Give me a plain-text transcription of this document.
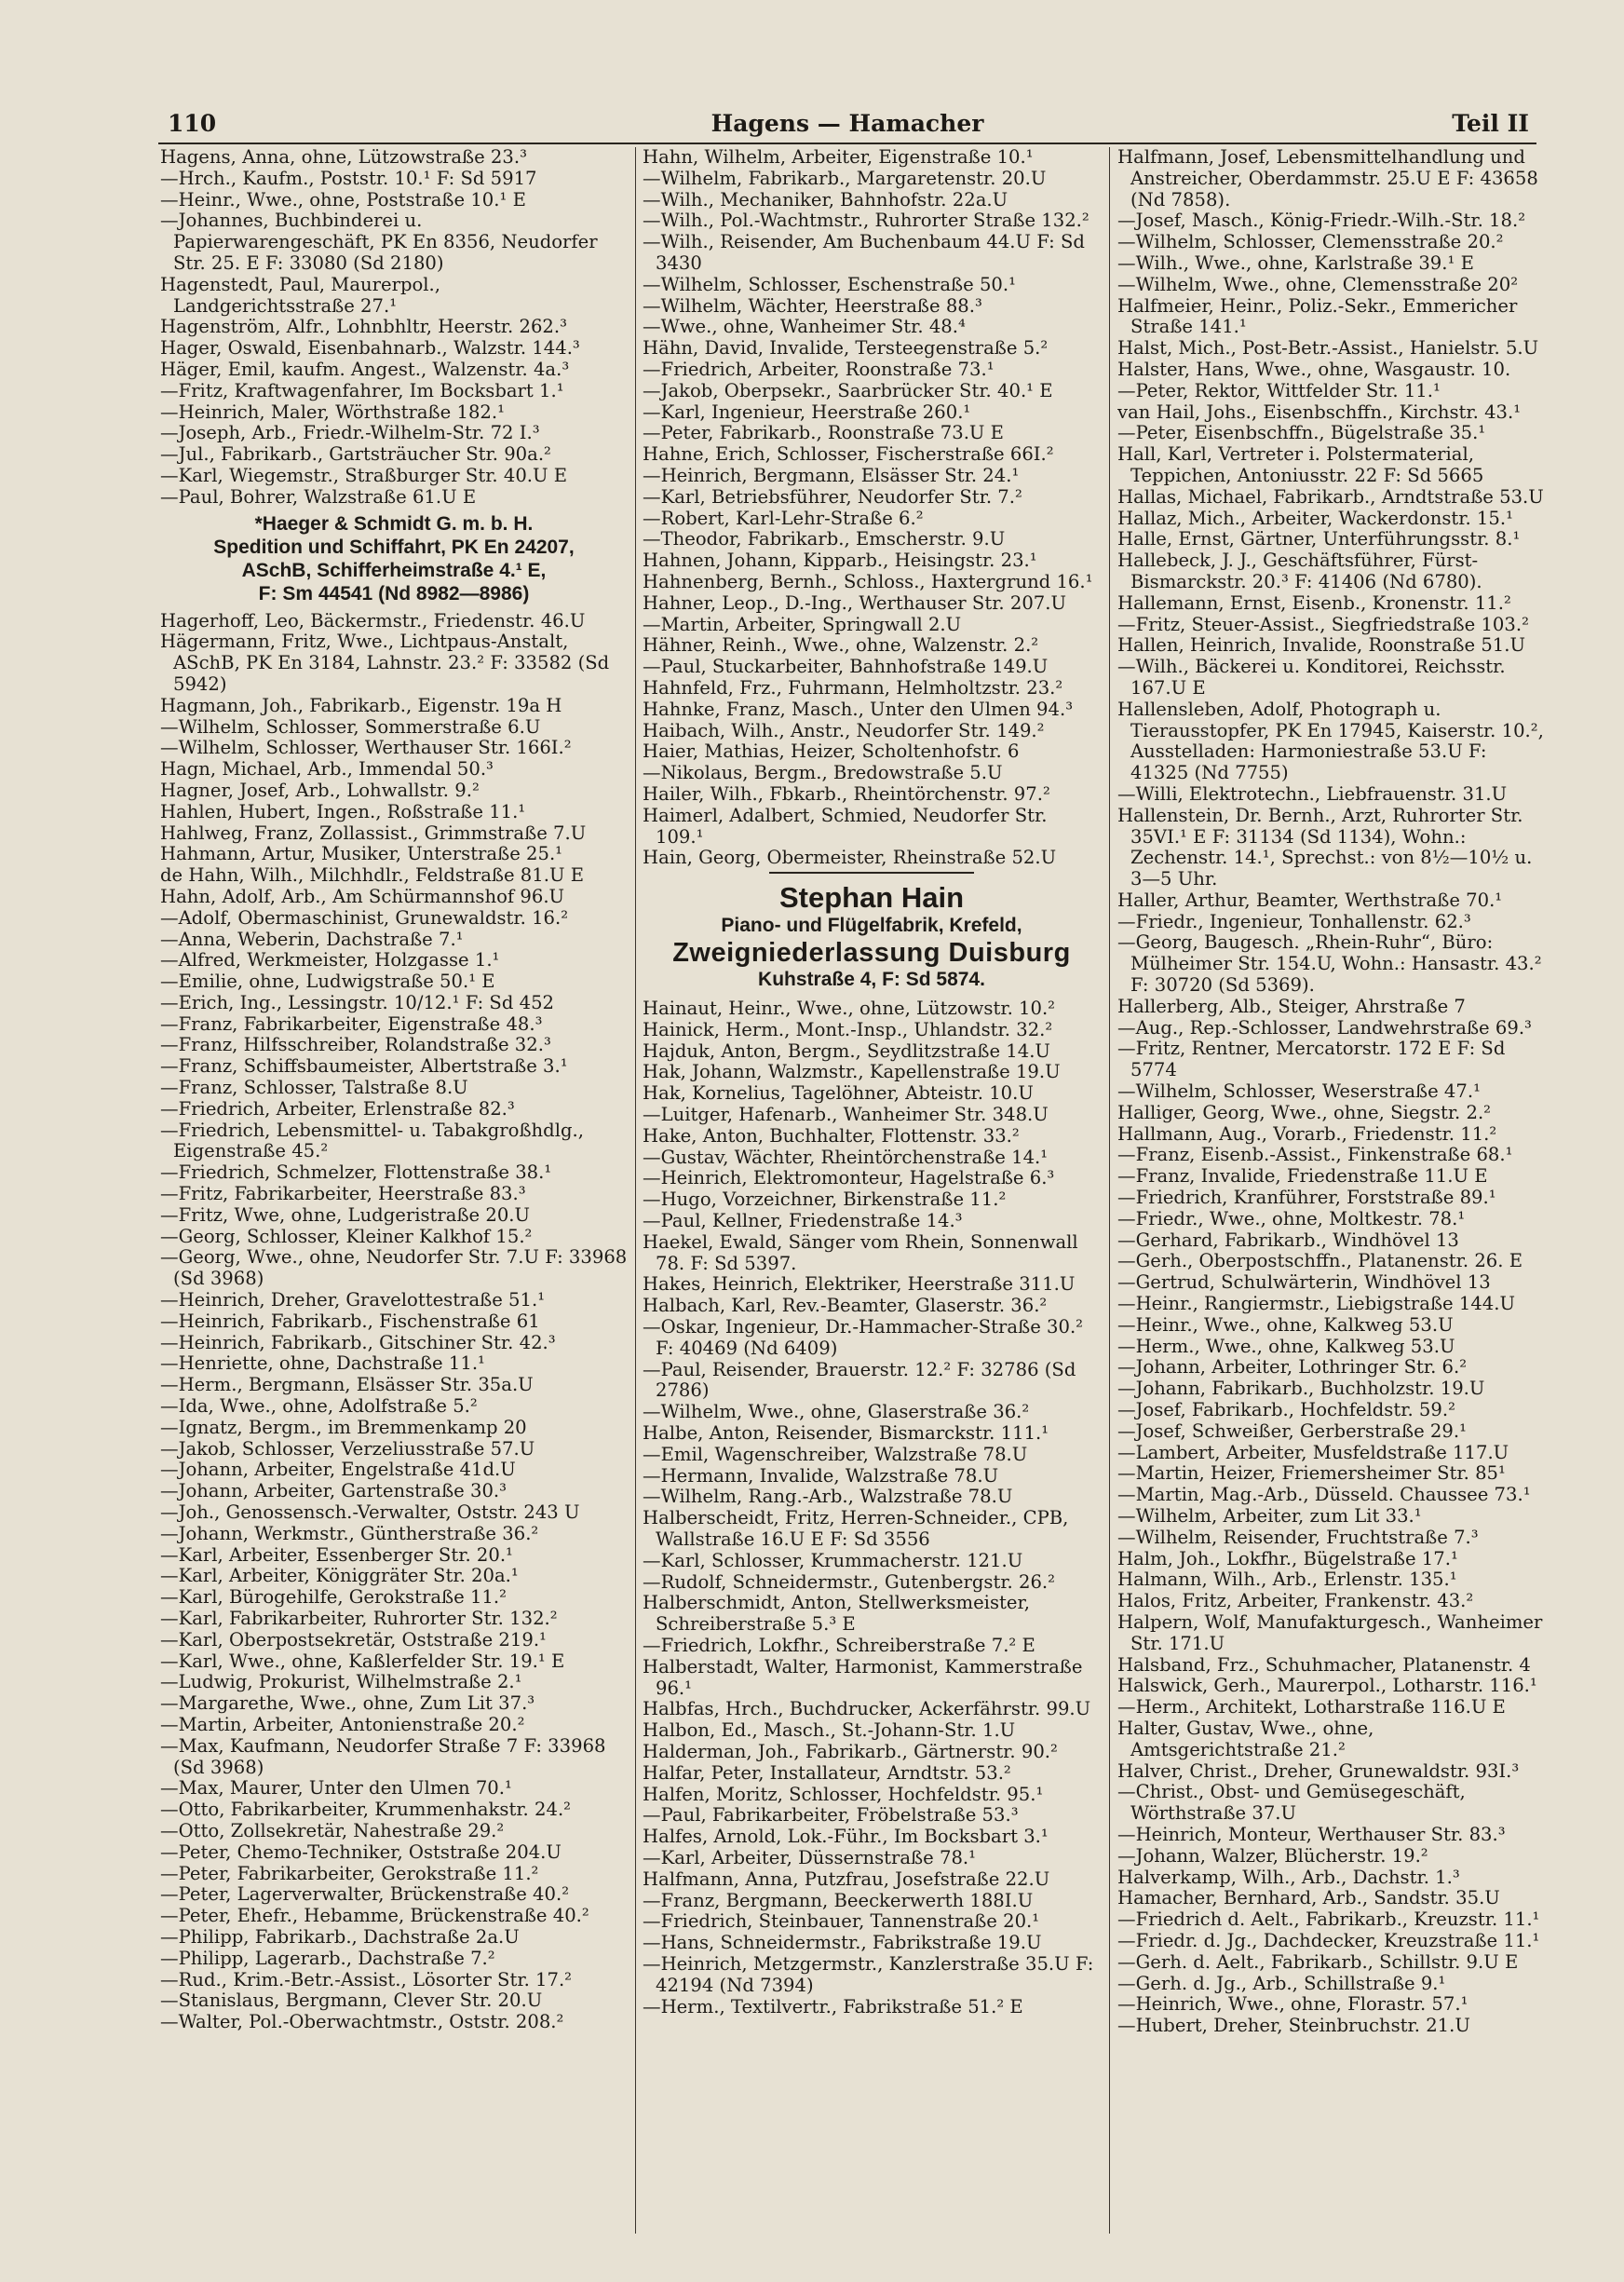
110	Hagens — Hamacher	Teil II

Hagens, Anna, ohne, Lützowstraße 23.³

—Hrch., Kaufm., Poststr. 10.¹ F: Sd 5917

—Heinr., Wwe., ohne, Poststraße 10.¹ E

—Johannes, Buchbinderei u. Papierwarengeschäft, PK En 8356, Neudorfer Str. 25. E F: 33080 (Sd 2180)

Hagenstedt, Paul, Maurerpol., Landgerichtsstraße 27.¹

Hagenström, Alfr., Lohnbhltr, Heerstr. 262.³

Hager, Oswald, Eisenbahnarb., Walzstr. 144.³

Häger, Emil, kaufm. Angest., Walzenstr. 4a.³

—Fritz, Kraftwagenfahrer, Im Bocksbart 1.¹

—Heinrich, Maler, Wörthstraße 182.¹

—Joseph, Arb., Friedr.-Wilhelm-Str. 72 I.³

—Jul., Fabrikarb., Gartsträucher Str. 90a.²

—Karl, Wiegemstr., Straßburger Str. 40.U E

—Paul, Bohrer, Walzstraße 61.U E

*Haeger & Schmidt G. m. b. H.
Spedition und Schiffahrt, PK En 24207,
ASchB, Schifferheimstraße 4.¹ E,
F: Sm 44541 (Nd 8982—8986)

Hagerhoff, Leo, Bäckermstr., Friedenstr. 46.U

Hägermann, Fritz, Wwe., Lichtpaus-Anstalt, ASchB, PK En 3184, Lahnstr. 23.² F: 33582 (Sd 5942)

Hagmann, Joh., Fabrikarb., Eigenstr. 19a H

—Wilhelm, Schlosser, Sommerstraße 6.U

—Wilhelm, Schlosser, Werthauser Str. 166I.²

Hagn, Michael, Arb., Immendal 50.³

Hagner, Josef, Arb., Lohwallstr. 9.²

Hahlen, Hubert, Ingen., Roßstraße 11.¹

Hahlweg, Franz, Zollassist., Grimmstraße 7.U

Hahmann, Artur, Musiker, Unterstraße 25.¹

de Hahn, Wilh., Milchhdlr., Feldstraße 81.U E

Hahn, Adolf, Arb., Am Schürmannshof 96.U

—Adolf, Obermaschinist, Grunewaldstr. 16.²

—Anna, Weberin, Dachstraße 7.¹

—Alfred, Werkmeister, Holzgasse 1.¹

—Emilie, ohne, Ludwigstraße 50.¹ E

—Erich, Ing., Lessingstr. 10/12.¹ F: Sd 452

—Franz, Fabrikarbeiter, Eigenstraße 48.³

—Franz, Hilfsschreiber, Rolandstraße 32.³

—Franz, Schiffsbaumeister, Albertstraße 3.¹

—Franz, Schlosser, Talstraße 8.U

—Friedrich, Arbeiter, Erlenstraße 82.³

—Friedrich, Lebensmittel- u. Tabakgroßhdlg., Eigenstraße 45.²

—Friedrich, Schmelzer, Flottenstraße 38.¹

—Fritz, Fabrikarbeiter, Heerstraße 83.³

—Fritz, Wwe, ohne, Ludgeristraße 20.U

—Georg, Schlosser, Kleiner Kalkhof 15.²

—Georg, Wwe., ohne, Neudorfer Str. 7.U F: 33968 (Sd 3968)

—Heinrich, Dreher, Gravelottestraße 51.¹

—Heinrich, Fabrikarb., Fischenstraße 61

—Heinrich, Fabrikarb., Gitschiner Str. 42.³

—Henriette, ohne, Dachstraße 11.¹

—Herm., Bergmann, Elsässer Str. 35a.U

—Ida, Wwe., ohne, Adolfstraße 5.²

—Ignatz, Bergm., im Bremmenkamp 20

—Jakob, Schlosser, Verzeliusstraße 57.U

—Johann, Arbeiter, Engelstraße 41d.U

—Johann, Arbeiter, Gartenstraße 30.³

—Joh., Genossensch.-Verwalter, Oststr. 243 U

—Johann, Werkmstr., Güntherstraße 36.²

—Karl, Arbeiter, Essenberger Str. 20.¹

—Karl, Arbeiter, Königgräter Str. 20a.¹

—Karl, Bürogehilfe, Gerokstraße 11.²

—Karl, Fabrikarbeiter, Ruhrorter Str. 132.²

—Karl, Oberpostsekretär, Oststraße 219.¹

—Karl, Wwe., ohne, Kaßlerfelder Str. 19.¹ E

—Ludwig, Prokurist, Wilhelmstraße 2.¹

—Margarethe, Wwe., ohne, Zum Lit 37.³

—Martin, Arbeiter, Antonienstraße 20.²

—Max, Kaufmann, Neudorfer Straße 7 F: 33968 (Sd 3968)

—Max, Maurer, Unter den Ulmen 70.¹

—Otto, Fabrikarbeiter, Krummenhakstr. 24.²

—Otto, Zollsekretär, Nahestraße 29.²

—Peter, Chemo-Techniker, Oststraße 204.U

—Peter, Fabrikarbeiter, Gerokstraße 11.²

—Peter, Lagerverwalter, Brückenstraße 40.²

—Peter, Ehefr., Hebamme, Brückenstraße 40.²

—Philipp, Fabrikarb., Dachstraße 2a.U

—Philipp, Lagerarb., Dachstraße 7.²

—Rud., Krim.-Betr.-Assist., Lösorter Str. 17.²

—Stanislaus, Bergmann, Clever Str. 20.U

—Walter, Pol.-Oberwachtmstr., Oststr. 208.²

Hahn, Wilhelm, Arbeiter, Eigenstraße 10.¹

—Wilhelm, Fabrikarb., Margaretenstr. 20.U

—Wilh., Mechaniker, Bahnhofstr. 22a.U

—Wilh., Pol.-Wachtmstr., Ruhrorter Straße 132.²

—Wilh., Reisender, Am Buchenbaum 44.U F: Sd 3430

—Wilhelm, Schlosser, Eschenstraße 50.¹

—Wilhelm, Wächter, Heerstraße 88.³

—Wwe., ohne, Wanheimer Str. 48.⁴

Hähn, David, Invalide, Tersteegenstraße 5.²

—Friedrich, Arbeiter, Roonstraße 73.¹

—Jakob, Oberpsekr., Saarbrücker Str. 40.¹ E

—Karl, Ingenieur, Heerstraße 260.¹

—Peter, Fabrikarb., Roonstraße 73.U E

Hahne, Erich, Schlosser, Fischerstraße 66I.²

—Heinrich, Bergmann, Elsässer Str. 24.¹

—Karl, Betriebsführer, Neudorfer Str. 7.²

—Robert, Karl-Lehr-Straße 6.²

—Theodor, Fabrikarb., Emscherstr. 9.U

Hahnen, Johann, Kipparb., Heisingstr. 23.¹

Hahnenberg, Bernh., Schloss., Haxtergrund 16.¹

Hahner, Leop., D.-Ing., Werthauser Str. 207.U

—Martin, Arbeiter, Springwall 2.U

Hähner, Reinh., Wwe., ohne, Walzenstr. 2.²

—Paul, Stuckarbeiter, Bahnhofstraße 149.U

Hahnfeld, Frz., Fuhrmann, Helmholtzstr. 23.²

Hahnke, Franz, Masch., Unter den Ulmen 94.³

Haibach, Wilh., Anstr., Neudorfer Str. 149.²

Haier, Mathias, Heizer, Scholtenhofstr. 6

—Nikolaus, Bergm., Bredowstraße 5.U

Hailer, Wilh., Fbkarb., Rheintörchenstr. 97.²

Haimerl, Adalbert, Schmied, Neudorfer Str. 109.¹

Hain, Georg, Obermeister, Rheinstraße 52.U

Stephan Hain
Piano- und Flügelfabrik, Krefeld,
Zweigniederlassung Duisburg
Kuhstraße 4, F: Sd 5874.

Hainaut, Heinr., Wwe., ohne, Lützowstr. 10.²

Hainick, Herm., Mont.-Insp., Uhlandstr. 32.²

Hajduk, Anton, Bergm., Seydlitzstraße 14.U

Hak, Johann, Walzmstr., Kapellenstraße 19.U

Hak, Kornelius, Tagelöhner, Abteistr. 10.U

—Luitger, Hafenarb., Wanheimer Str. 348.U

Hake, Anton, Buchhalter, Flottenstr. 33.²

—Gustav, Wächter, Rheintörchenstraße 14.¹

—Heinrich, Elektromonteur, Hagelstraße 6.³

—Hugo, Vorzeichner, Birkenstraße 11.²

—Paul, Kellner, Friedenstraße 14.³

Haekel, Ewald, Sänger vom Rhein, Sonnenwall 78. F: Sd 5397.

Hakes, Heinrich, Elektriker, Heerstraße 311.U

Halbach, Karl, Rev.-Beamter, Glaserstr. 36.²

—Oskar, Ingenieur, Dr.-Hammacher-Straße 30.² F: 40469 (Nd 6409)

—Paul, Reisender, Brauerstr. 12.² F: 32786 (Sd 2786)

—Wilhelm, Wwe., ohne, Glaserstraße 36.²

Halbe, Anton, Reisender, Bismarckstr. 111.¹

—Emil, Wagenschreiber, Walzstraße 78.U

—Hermann, Invalide, Walzstraße 78.U

—Wilhelm, Rang.-Arb., Walzstraße 78.U

Halberscheidt, Fritz, Herren-Schneider., CPB, Wallstraße 16.U E F: Sd 3556

—Karl, Schlosser, Krummacherstr. 121.U

—Rudolf, Schneidermstr., Gutenbergstr. 26.²

Halberschmidt, Anton, Stellwerksmeister, Schreiberstraße 5.³ E

—Friedrich, Lokfhr., Schreiberstraße 7.² E

Halberstadt, Walter, Harmonist, Kammerstraße 96.¹

Halbfas, Hrch., Buchdrucker, Ackerfährstr. 99.U

Halbon, Ed., Masch., St.-Johann-Str. 1.U

Halderman, Joh., Fabrikarb., Gärtnerstr. 90.²

Halfar, Peter, Installateur, Arndtstr. 53.²

Halfen, Moritz, Schlosser, Hochfeldstr. 95.¹

—Paul, Fabrikarbeiter, Fröbelstraße 53.³

Halfes, Arnold, Lok.-Führ., Im Bocksbart 3.¹

—Karl, Arbeiter, Düssernstraße 78.¹

Halfmann, Anna, Putzfrau, Josefstraße 22.U

—Franz, Bergmann, Beeckerwerth 188I.U

—Friedrich, Steinbauer, Tannenstraße 20.¹

—Hans, Schneidermstr., Fabrikstraße 19.U

—Heinrich, Metzgermstr., Kanzlerstraße 35.U F: 42194 (Nd 7394)

—Herm., Textilvertr., Fabrikstraße 51.² E

Halfmann, Josef, Lebensmittelhandlung und Anstreicher, Oberdammstr. 25.U E F: 43658 (Nd 7858).

—Josef, Masch., König-Friedr.-Wilh.-Str. 18.²

—Wilhelm, Schlosser, Clemensstraße 20.²

—Wilh., Wwe., ohne, Karlstraße 39.¹ E

—Wilhelm, Wwe., ohne, Clemensstraße 20²

Halfmeier, Heinr., Poliz.-Sekr., Emmericher Straße 141.¹

Halst, Mich., Post-Betr.-Assist., Hanielstr. 5.U

Halster, Hans, Wwe., ohne, Wasgaustr. 10.

—Peter, Rektor, Wittfelder Str. 11.¹

van Hail, Johs., Eisenbschffn., Kirchstr. 43.¹

—Peter, Eisenbschffn., Bügelstraße 35.¹

Hall, Karl, Vertreter i. Polstermaterial, Teppichen, Antoniusstr. 22 F: Sd 5665

Hallas, Michael, Fabrikarb., Arndtstraße 53.U

Hallaz, Mich., Arbeiter, Wackerdonstr. 15.¹

Halle, Ernst, Gärtner, Unterführungsstr. 8.¹

Hallebeck, J. J., Geschäftsführer, Fürst-Bismarckstr. 20.³ F: 41406 (Nd 6780).

Hallemann, Ernst, Eisenb., Kronenstr. 11.²

—Fritz, Steuer-Assist., Siegfriedstraße 103.²

Hallen, Heinrich, Invalide, Roonstraße 51.U

—Wilh., Bäckerei u. Konditorei, Reichsstr. 167.U E

Hallensleben, Adolf, Photograph u. Tierausstopfer, PK En 17945, Kaiserstr. 10.², Ausstelladen: Harmoniestraße 53.U F: 41325 (Nd 7755)

—Willi, Elektrotechn., Liebfrauenstr. 31.U

Hallenstein, Dr. Bernh., Arzt, Ruhrorter Str. 35VI.¹ E F: 31134 (Sd 1134), Wohn.: Zechenstr. 14.¹, Sprechst.: von 8½—10½ u. 3—5 Uhr.

Haller, Arthur, Beamter, Werthstraße 70.¹

—Friedr., Ingenieur, Tonhallenstr. 62.³

—Georg, Baugesch. „Rhein-Ruhr“, Büro: Mülheimer Str. 154.U, Wohn.: Hansastr. 43.² F: 30720 (Sd 5369).

Hallerberg, Alb., Steiger, Ahrstraße 7

—Aug., Rep.-Schlosser, Landwehrstraße 69.³

—Fritz, Rentner, Mercatorstr. 172 E F: Sd 5774

—Wilhelm, Schlosser, Weserstraße 47.¹

Halliger, Georg, Wwe., ohne, Siegstr. 2.²

Hallmann, Aug., Vorarb., Friedenstr. 11.²

—Franz, Eisenb.-Assist., Finkenstraße 68.¹

—Franz, Invalide, Friedenstraße 11.U E

—Friedrich, Kranführer, Forststraße 89.¹

—Friedr., Wwe., ohne, Moltkestr. 78.¹

—Gerhard, Fabrikarb., Windhövel 13

—Gerh., Oberpostschffn., Platanenstr. 26. E

—Gertrud, Schulwärterin, Windhövel 13

—Heinr., Rangiermstr., Liebigstraße 144.U

—Heinr., Wwe., ohne, Kalkweg 53.U

—Herm., Wwe., ohne, Kalkweg 53.U

—Johann, Arbeiter, Lothringer Str. 6.²

—Johann, Fabrikarb., Buchholzstr. 19.U

—Josef, Fabrikarb., Hochfeldstr. 59.²

—Josef, Schweißer, Gerberstraße 29.¹

—Lambert, Arbeiter, Musfeldstraße 117.U

—Martin, Heizer, Friemersheimer Str. 85¹

—Martin, Mag.-Arb., Düsseld. Chaussee 73.¹

—Wilhelm, Arbeiter, zum Lit 33.¹

—Wilhelm, Reisender, Fruchtstraße 7.³

Halm, Joh., Lokfhr., Bügelstraße 17.¹

Halmann, Wilh., Arb., Erlenstr. 135.¹

Halos, Fritz, Arbeiter, Frankenstr. 43.²

Halpern, Wolf, Manufakturgesch., Wanheimer Str. 171.U

Halsband, Frz., Schuhmacher, Platanenstr. 4

Halswick, Gerh., Maurerpol., Lotharstr. 116.¹

—Herm., Architekt, Lotharstraße 116.U E

Halter, Gustav, Wwe., ohne, Amtsgerichtstraße 21.²

Halver, Christ., Dreher, Grunewaldstr. 93I.³

—Christ., Obst- und Gemüsegeschäft, Wörthstraße 37.U

—Heinrich, Monteur, Werthauser Str. 83.³

—Johann, Walzer, Blücherstr. 19.²

Halverkamp, Wilh., Arb., Dachstr. 1.³

Hamacher, Bernhard, Arb., Sandstr. 35.U

—Friedrich d. Aelt., Fabrikarb., Kreuzstr. 11.¹

—Friedr. d. Jg., Dachdecker, Kreuzstraße 11.¹

—Gerh. d. Aelt., Fabrikarb., Schillstr. 9.U E

—Gerh. d. Jg., Arb., Schillstraße 9.¹

—Heinrich, Wwe., ohne, Florastr. 57.¹

—Hubert, Dreher, Steinbruchstr. 21.U
